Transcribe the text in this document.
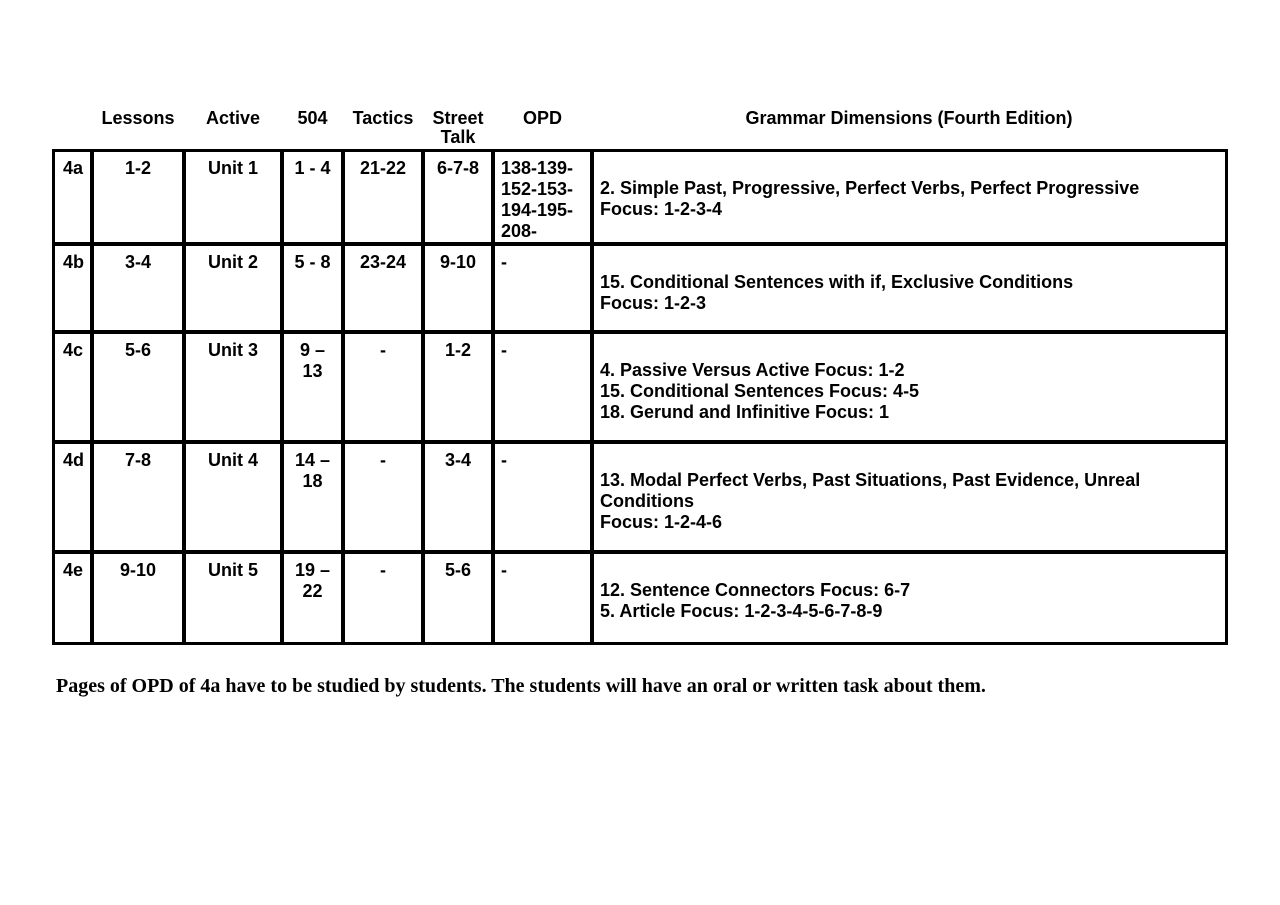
Lessons	Active	504	Tactics	Street
Talk
OPD	Grammar Dimensions (Fourth Edition)
4a	1-2	Unit 1	1 - 4	21-22	6-7-8	138-139-
152-153-
194-195-
208-	2. Simple Past, Progressive, Perfect Verbs, Perfect Progressive
Focus: 1-2-3-4

4b	3-4	Unit 2	5 - 8	23-24	9-10	-	15. Conditional Sentences with if, Exclusive Conditions
Focus: 1-2-3

4c	5-6	Unit 3	9 –
13	-	1-2	-	4. Passive Versus Active Focus: 1-2
15. Conditional Sentences Focus: 4-5
18. Gerund and Infinitive Focus: 1

4d	7-8	Unit 4	14 –
18	-	3-4	-	13. Modal Perfect Verbs, Past Situations, Past Evidence, Unreal Conditions
Focus: 1-2-4-6

4e	9-10	Unit 5	19 –
22	-	5-6	-	12. Sentence Connectors Focus: 6-7
5. Article Focus: 1-2-3-4-5-6-7-8-9
Pages of OPD of 4a have to be studied by students. The students will have an oral or written task about them.
